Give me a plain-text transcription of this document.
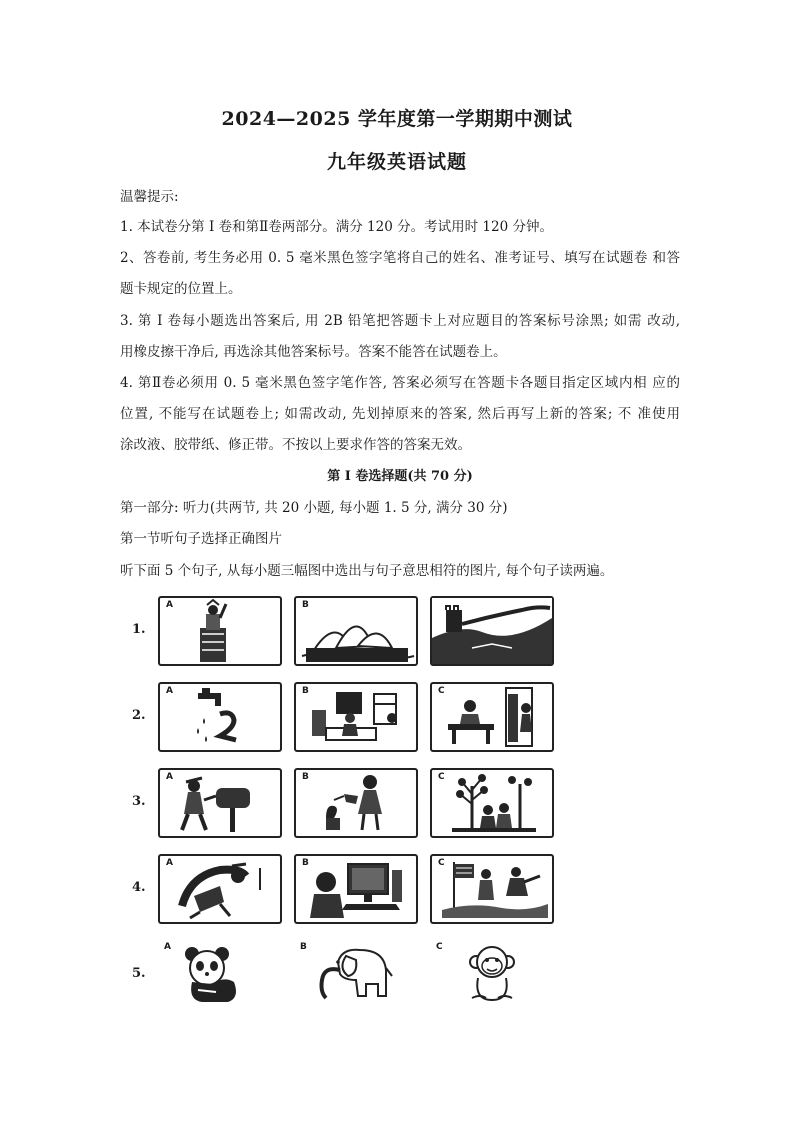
2024—2025 学年度第一学期期中测试
九年级英语试题
温馨提示:
1. 本试卷分第 I 卷和第Ⅱ卷两部分。满分 120 分。考试用时 120 分钟。
2、答卷前, 考生务必用 0. 5 毫米黑色签字笔将自己的姓名、准考证号、填写在试题卷 和答
题卡规定的位置上。
3. 第 I 卷每小题选出答案后, 用 2B 铅笔把答题卡上对应题目的答案标号涂黑; 如需 改动,
用橡皮擦干净后, 再选涂其他答案标号。答案不能答在试题卷上。
4. 第Ⅱ卷必须用 0. 5 毫米黑色签字笔作答, 答案必须写在答题卡各题目指定区域内相 应的
位置, 不能写在试题卷上; 如需改动, 先划掉原来的答案, 然后再写上新的答案; 不 准使用
涂改液、胶带纸、修正带。不按以上要求作答的答案无效。
第 I 卷选择题(共 70 分)
第一部分: 听力(共两节, 共 20 小题, 每小题 1. 5 分, 满分 30 分)
第一节听句子选择正确图片
听下面 5 个句子, 从每小题三幅图中选出与句子意思相符的图片, 每个句子读两遍。
1.
A	B
2.
A	B	C
3.
A	B	C
4.
A	B	C
5.
A	B	C
